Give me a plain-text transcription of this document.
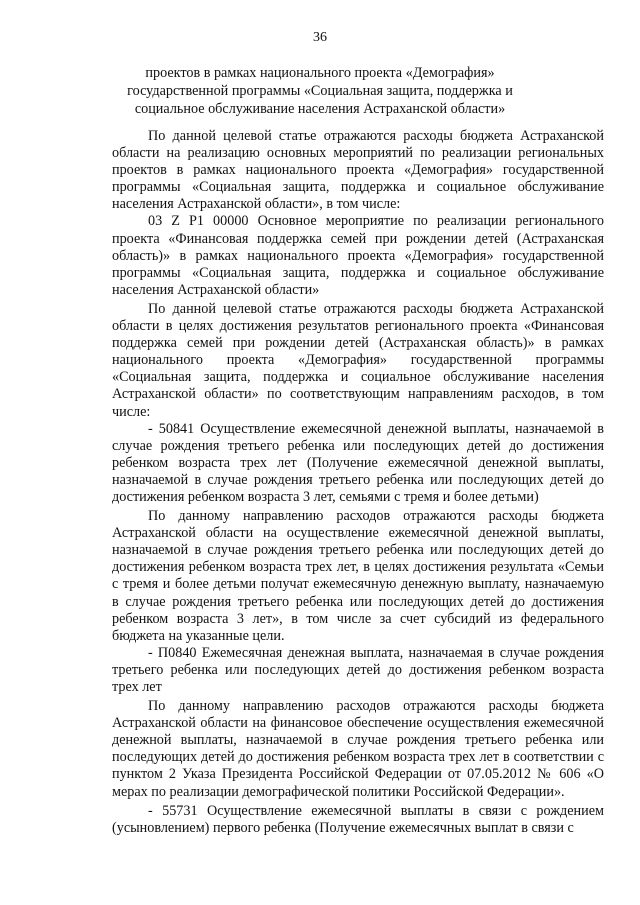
36
проектов в рамках национального проекта «Демография» государственной программы «Социальная защита, поддержка и социальное обслуживание населения Астраханской области»

По данной целевой статье отражаются расходы бюджета Астраханской области на реализацию основных мероприятий по реализации региональных проектов в рамках национального проекта «Демография» государственной программы «Социальная защита, поддержка и социальное обслуживание населения Астраханской области», в том числе:

03 Z P1 00000 Основное мероприятие по реализации регионального проекта «Финансовая поддержка семей при рождении детей (Астраханская область)» в рамках национального проекта «Демография» государственной программы «Социальная защита, поддержка и социальное обслуживание населения Астраханской области»

По данной целевой статье отражаются расходы бюджета Астраханской области в целях достижения результатов регионального проекта «Финансовая поддержка семей при рождении детей (Астраханская область)» в рамках национального проекта «Демография» государственной программы «Социальная защита, поддержка и социальное обслуживание населения Астраханской области» по соответствующим направлениям расходов, в том числе:

- 50841 Осуществление ежемесячной денежной выплаты, назначаемой в случае рождения третьего ребенка или последующих детей до достижения ребенком возраста трех лет (Получение ежемесячной денежной выплаты, назначаемой в случае рождения третьего ребенка или последующих детей до достижения ребенком возраста 3 лет, семьями с тремя и более детьми)

По данному направлению расходов отражаются расходы бюджета Астраханской области на осуществление ежемесячной денежной выплаты, назначаемой в случае рождения третьего ребенка или последующих детей до достижения ребенком возраста трех лет, в целях достижения результата «Семьи с тремя и более детьми получат ежемесячную денежную выплату, назначаемую в случае рождения третьего ребенка или последующих детей до достижения ребенком возраста 3 лет», в том числе за счет субсидий из федерального бюджета на указанные цели.

- П0840 Ежемесячная денежная выплата, назначаемая в случае рождения третьего ребенка или последующих детей до достижения ребенком возраста трех лет

По данному направлению расходов отражаются расходы бюджета Астраханской области на финансовое обеспечение осуществления ежемесячной денежной выплаты, назначаемой в случае рождения третьего ребенка или последующих детей до достижения ребенком возраста трех лет в соответствии с пунктом 2 Указа Президента Российской Федерации от 07.05.2012 № 606 «О мерах по реализации демографической политики Российской Федерации».

- 55731 Осуществление ежемесячной выплаты в связи с рождением (усыновлением) первого ребенка (Получение ежемесячных выплат в связи с
